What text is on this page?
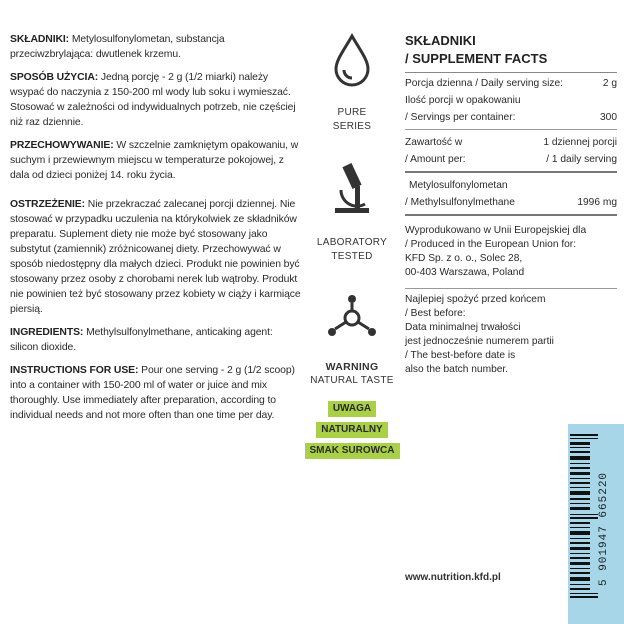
SKŁADNIKI: Metylosulfonylometan, substancja przeciwzbrylająca: dwutlenek krzemu.

SPOSÓB UŻYCIA: Jedną porcję - 2 g (1/2 miarki) należy wsypać do naczynia z 150-200 ml wody lub soku i wymieszać. Stosować w zależności od indywidualnych potrzeb, nie częściej niż raz dziennie.

PRZECHOWYWANIE: W szczelnie zamkniętym opakowaniu, w suchym i przewiewnym miejscu w temperaturze pokojowej, z dala od dzieci poniżej 14. roku życia.

OSTRZEŻENIE: Nie przekraczać zalecanej porcji dziennej. Nie stosować w przypadku uczulenia na którykolwiek ze składników preparatu. Suplement diety nie może być stosowany jako substytut (zamiennik) zróżnicowanej diety. Przechowywać w sposób niedostępny dla małych dzieci. Produkt nie powinien być stosowany przez osoby z chorobami nerek lub wątroby. Produkt nie powinien też być stosowany przez kobiety w ciąży i karmiące piersią.

INGREDIENTS: Methylsulfonylmethane, anticaking agent: silicon dioxide.

INSTRUCTIONS FOR USE: Pour one serving - 2 g (1/2 scoop) into a container with 150-200 ml of water or juice and mix thoroughly. Use immediately after preparation, according to individual needs and not more often than one time per day.

PURE
SERIES
LABORATORY
TESTED
WARNING
NATURAL TASTE
UWAGA
NATURALNY
SMAK SUROWCA
SKŁADNIKI
/ SUPPLEMENT FACTS
Porcja dzienna / Daily serving size:	2 g
Ilość porcji w opakowaniu
/ Servings per container:	300
Zawartość w	1 dziennej porcji
/ Amount per:	/ 1 daily serving
Metylosulfonylometan
/ Methylsulfonylmethane	1996 mg
Wyprodukowano w Unii Europejskiej dla
/ Produced in the European Union for:
KFD Sp. z o. o., Solec 28,
00-403 Warszawa, Poland
Najlepiej spożyć przed końcem
/ Best before:
Data minimalnej trwałości
jest jednocześnie numerem partii
/ The best-before date is
also the batch number.
www.nutrition.kfd.pl	5 901947 665220
